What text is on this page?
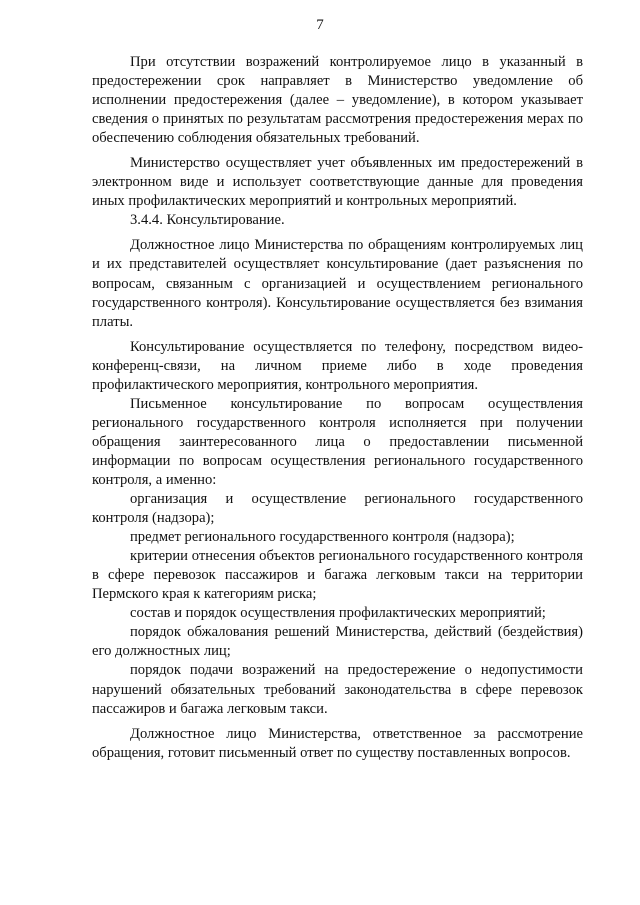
7

При отсутствии возражений контролируемое лицо в указанный в предостережении срок направляет в Министерство уведомление об исполнении предостережения (далее – уведомление), в котором указывает сведения о принятых по результатам рассмотрения предостережения мерах по обеспечению соблюдения обязательных требований.

Министерство осуществляет учет объявленных им предостережений в электронном виде и использует соответствующие данные для проведения иных профилактических мероприятий и контрольных мероприятий.

3.4.4. Консультирование.

Должностное лицо Министерства по обращениям контролируемых лиц и их представителей осуществляет консультирование (дает разъяснения по вопросам, связанным с организацией и осуществлением регионального государственного контроля). Консультирование осуществляется без взимания платы.

Консультирование осуществляется по телефону, посредством видео-конференц-связи, на личном приеме либо в ходе проведения профилактического мероприятия, контрольного мероприятия.

Письменное консультирование по вопросам осуществления регионального государственного контроля исполняется при получении обращения заинтересованного лица о предоставлении письменной информации по вопросам осуществления регионального государственного контроля, а именно:

организация и осуществление регионального государственного контроля (надзора);

предмет регионального государственного контроля (надзора);

критерии отнесения объектов регионального государственного контроля в сфере перевозок пассажиров и багажа легковым такси на территории Пермского края к категориям риска;

состав и порядок осуществления профилактических мероприятий;

порядок обжалования решений Министерства, действий (бездействия) его должностных лиц;

порядок подачи возражений на предостережение о недопустимости нарушений обязательных требований законодательства в сфере перевозок пассажиров и багажа легковым такси.

Должностное лицо Министерства, ответственное за рассмотрение обращения, готовит письменный ответ по существу поставленных вопросов.
